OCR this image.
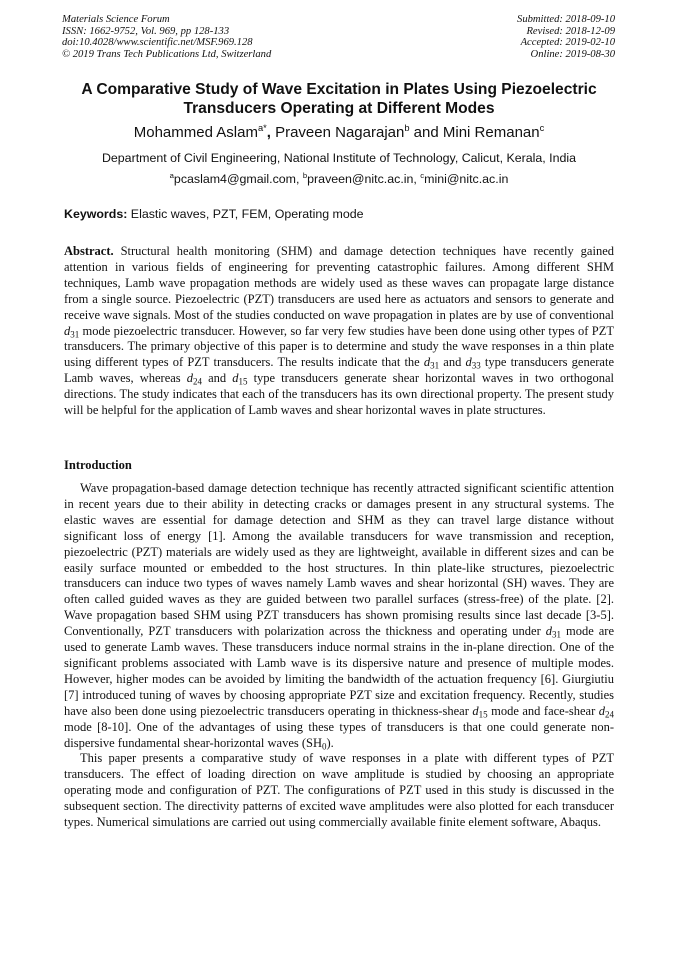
Materials Science Forum
ISSN: 1662-9752, Vol. 969, pp 128-133
doi:10.4028/www.scientific.net/MSF.969.128
© 2019 Trans Tech Publications Ltd, Switzerland
Submitted: 2018-09-10
Revised: 2018-12-09
Accepted: 2019-02-10
Online: 2019-08-30
A Comparative Study of Wave Excitation in Plates Using Piezoelectric
Transducers Operating at Different Modes
Mohammed Aslam$^{a*}$, Praveen Nagarajan$^b$ and Mini Remanan$^c$
Department of Civil Engineering, National Institute of Technology, Calicut, Kerala, India
$^a$pcaslam4@gmail.com, $^b$praveen@nitc.ac.in, $^c$mini@nitc.ac.in
Keywords: Elastic waves, PZT, FEM, Operating mode
Abstract. Structural health monitoring (SHM) and damage detection techniques have recently gained attention in various fields of engineering for preventing catastrophic failures. Among different SHM techniques, Lamb wave propagation methods are widely used as these waves can propagate large distance from a single source. Piezoelectric (PZT) transducers are used here as actuators and sensors to generate and receive wave signals. Most of the studies conducted on wave propagation in plates are by use of conventional $d_{31}$ mode piezoelectric transducer. However, so far very few studies have been done using other types of PZT transducers. The primary objective of this paper is to determine and study the wave responses in a thin plate using different types of PZT transducers. The results indicate that the $d_{31}$ and $d_{33}$ type transducers generate Lamb waves, whereas $d_{24}$ and $d_{15}$ type transducers generate shear horizontal waves in two orthogonal directions. The study indicates that each of the transducers has its own directional property. The present study will be helpful for the application of Lamb waves and shear horizontal waves in plate structures.
Introduction

Wave propagation-based damage detection technique has recently attracted significant scientific attention in recent years due to their ability in detecting cracks or damages present in any structural systems. The elastic waves are essential for damage detection and SHM as they can travel large distance without significant loss of energy [1]. Among the available transducers for wave transmission and reception, piezoelectric (PZT) materials are widely used as they are lightweight, available in different sizes and can be easily surface mounted or embedded to the host structures. In thin plate-like structures, piezoelectric transducers can induce two types of waves namely Lamb waves and shear horizontal (SH) waves. They are often called guided waves as they are guided between two parallel surfaces (stress-free) of the plate. [2]. Wave propagation based SHM using PZT transducers has shown promising results since last decade [3-5]. Conventionally, PZT transducers with polarization across the thickness and operating under $d_{31}$ mode are used to generate Lamb waves. These transducers induce normal strains in the in-plane direction. One of the significant problems associated with Lamb wave is its dispersive nature and presence of multiple modes. However, higher modes can be avoided by limiting the bandwidth of the actuation frequency [6]. Giurgiutiu [7] introduced tuning of waves by choosing appropriate PZT size and excitation frequency. Recently, studies have also been done using piezoelectric transducers operating in thickness-shear $d_{15}$ mode and face-shear $d_{24}$ mode [8-10]. One of the advantages of using these types of transducers is that one could generate non-dispersive fundamental shear-horizontal waves $(SH_0)$.

This paper presents a comparative study of wave responses in a plate with different types of PZT transducers. The effect of loading direction on wave amplitude is studied by choosing an appropriate operating mode and configuration of PZT. The configurations of PZT used in this study is discussed in the subsequent section. The directivity patterns of excited wave amplitudes were also plotted for each transducer types. Numerical simulations are carried out using commercially available finite element software, Abaqus.
